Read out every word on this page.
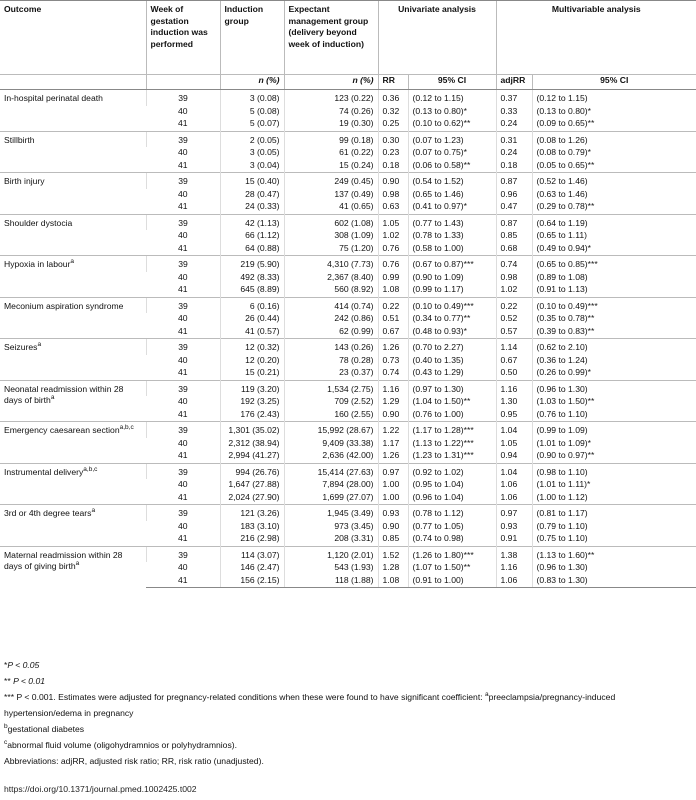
Outcome	Week of gestation induction was performed	Induction group	Expectant management group (delivery beyond week of induction)	Univariate analysis		Multivariable analysis	
		n (%)	n (%)	RR	95% CI	adjRR	95% CI
In-hospital perinatal death	39	3 (0.08)	123 (0.22)	0.36	(0.12 to 1.15)	0.37	(0.12 to 1.15)
	40	5 (0.08)	74 (0.26)	0.32	(0.13 to 0.80)*	0.33	(0.13 to 0.80)*
	41	5 (0.07)	19 (0.30)	0.25	(0.10 to 0.62)**	0.24	(0.09 to 0.65)**
Stillbirth	39	2 (0.05)	99 (0.18)	0.30	(0.07 to 1.23)	0.31	(0.08 to 1.26)
	40	3 (0.05)	61 (0.22)	0.23	(0.07 to 0.75)*	0.24	(0.08 to 0.79)*
	41	3 (0.04)	15 (0.24)	0.18	(0.06 to 0.58)**	0.18	(0.05 to 0.65)**
Birth injury	39	15 (0.40)	249 (0.45)	0.90	(0.54 to 1.52)	0.87	(0.52 to 1.46)
	40	28 (0.47)	137 (0.49)	0.98	(0.65 to 1.46)	0.96	(0.63 to 1.46)
	41	24 (0.33)	41 (0.65)	0.63	(0.41 to 0.97)*	0.47	(0.29 to 0.78)**
Shoulder dystocia	39	42 (1.13)	602 (1.08)	1.05	(0.77 to 1.43)	0.87	(0.64 to 1.19)
	40	66 (1.12)	308 (1.09)	1.02	(0.78 to 1.33)	0.85	(0.65 to 1.11)
	41	64 (0.88)	75 (1.20)	0.76	(0.58 to 1.00)	0.68	(0.49 to 0.94)*
Hypoxia in labour$^a$	39	219 (5.90)	4,310 (7.73)	0.76	(0.67 to 0.87)***	0.74	(0.65 to 0.85)***
	40	492 (8.33)	2,367 (8.40)	0.99	(0.90 to 1.09)	0.98	(0.89 to 1.08)
	41	645 (8.89)	560 (8.92)	1.08	(0.99 to 1.17)	1.02	(0.91 to 1.13)
Meconium aspiration syndrome	39	6 (0.16)	414 (0.74)	0.22	(0.10 to 0.49)***	0.22	(0.10 to 0.49)***
	40	26 (0.44)	242 (0.86)	0.51	(0.34 to 0.77)**	0.52	(0.35 to 0.78)**
	41	41 (0.57)	62 (0.99)	0.67	(0.48 to 0.93)*	0.57	(0.39 to 0.83)**
Seizures$^a$	39	12 (0.32)	143 (0.26)	1.26	(0.70 to 2.27)	1.14	(0.62 to 2.10)
	40	12 (0.20)	78 (0.28)	0.73	(0.40 to 1.35)	0.67	(0.36 to 1.24)
	41	15 (0.21)	23 (0.37)	0.74	(0.43 to 1.29)	0.50	(0.26 to 0.99)*
Neonatal readmission within 28 days of birth$^a$	39	119 (3.20)	1,534 (2.75)	1.16	(0.97 to 1.30)	1.16	(0.96 to 1.30)
	40	192 (3.25)	709 (2.52)	1.29	(1.04 to 1.50)**	1.30	(1.03 to 1.50)**
	41	176 (2.43)	160 (2.55)	0.90	(0.76 to 1.00)	0.95	(0.76 to 1.10)
Emergency caesarean section$^{a,b,c}$	39	1,301 (35.02)	15,992 (28.67)	1.22	(1.17 to 1.28)***	1.04	(0.99 to 1.09)
	40	2,312 (38.94)	9,409 (33.38)	1.17	(1.13 to 1.22)***	1.05	(1.01 to 1.09)*
	41	2,994 (41.27)	2,636 (42.00)	1.26	(1.23 to 1.31)***	0.94	(0.90 to 0.97)**
Instrumental delivery$^{a,b,c}$	39	994 (26.76)	15,414 (27.63)	0.97	(0.92 to 1.02)	1.04	(0.98 to 1.10)
	40	1,647 (27.88)	7,894 (28.00)	1.00	(0.95 to 1.04)	1.06	(1.01 to 1.11)*
	41	2,024 (27.90)	1,699 (27.07)	1.00	(0.96 to 1.04)	1.06	(1.00 to 1.12)
3rd or 4th degree tears$^a$	39	121 (3.26)	1,945 (3.49)	0.93	(0.78 to 1.12)	0.97	(0.81 to 1.17)
	40	183 (3.10)	973 (3.45)	0.90	(0.77 to 1.05)	0.93	(0.79 to 1.10)
	41	216 (2.98)	208 (3.31)	0.85	(0.74 to 0.98)	0.91	(0.75 to 1.10)
Maternal readmission within 28 days of giving birth$^a$	39	114 (3.07)	1,120 (2.01)	1.52	(1.26 to 1.80)***	1.38	(1.13 to 1.60)**
	40	146 (2.47)	543 (1.93)	1.28	(1.07 to 1.50)**	1.16	(0.96 to 1.30)
	41	156 (2.15)	118 (1.88)	1.08	(0.91 to 1.00)	1.06	(0.83 to 1.30)
*P < 0.05
** P < 0.01
*** P < 0.001. Estimates were adjusted for pregnancy-related conditions when these were found to have significant coefficient: $^a$preeclampsia/pregnancy-induced hypertension/edema in pregnancy
$^b$gestational diabetes
$^c$abnormal fluid volume (oligohydramnios or polyhydramnios).
Abbreviations: adjRR, adjusted risk ratio; RR, risk ratio (unadjusted).
https://doi.org/10.1371/journal.pmed.1002425.t002
